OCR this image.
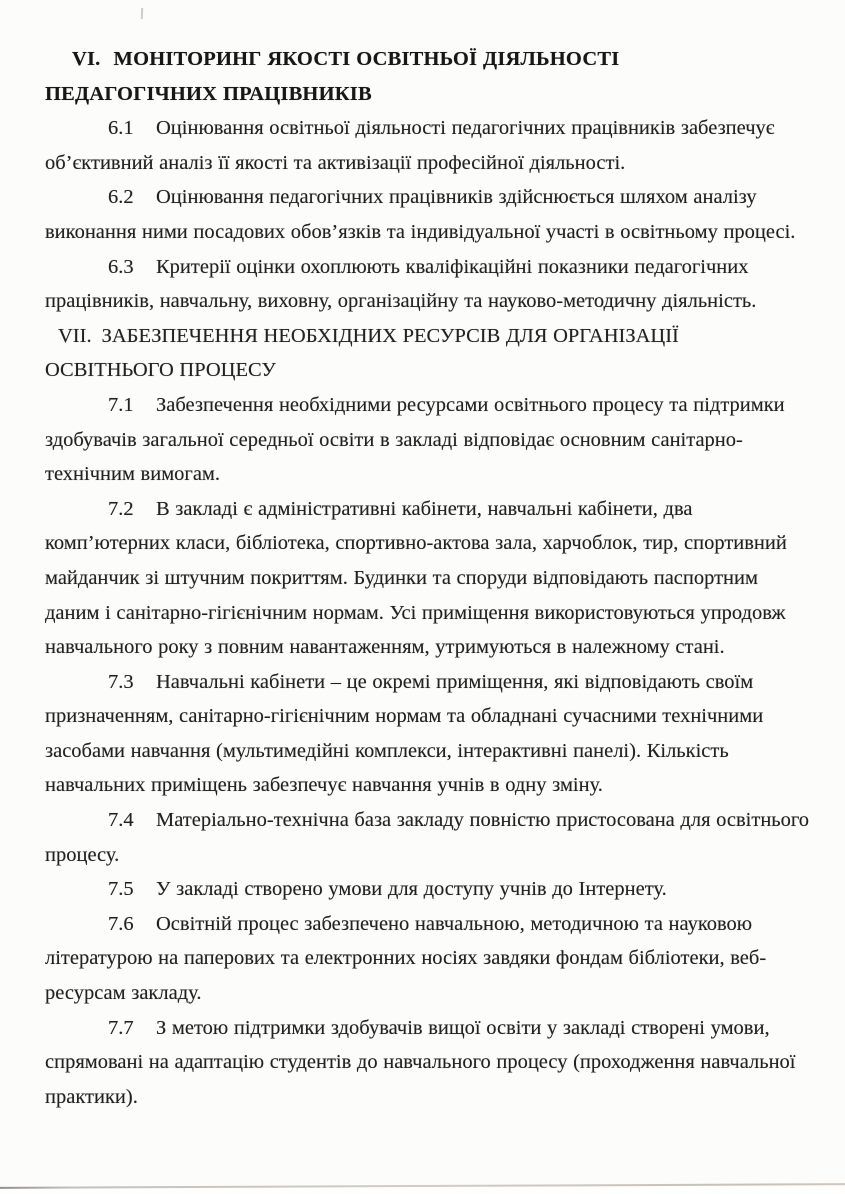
VI. МОНІТОРИНГ ЯКОСТІ ОСВІТНЬОЇ ДІЯЛЬНОСТІ ПЕДАГОГІЧНИХ ПРАЦІВНИКІВ

6.1 Оцінювання освітньої діяльності педагогічних працівників забезпечує об’єктивний аналіз її якості та активізації професійної діяльності.

6.2 Оцінювання педагогічних працівників здійснюється шляхом аналізу виконання ними посадових обов’язків та індивідуальної участі в освітньому процесі.

6.3 Критерії оцінки охоплюють кваліфікаційні показники педагогічних працівників, навчальну, виховну, організаційну та науково-методичну діяльність.

VII. ЗАБЕЗПЕЧЕННЯ НЕОБХІДНИХ РЕСУРСІВ ДЛЯ ОРГАНІЗАЦІЇ ОСВІТНЬОГО ПРОЦЕСУ

7.1 Забезпечення необхідними ресурсами освітнього процесу та підтримки здобувачів загальної середньої освіти в закладі відповідає основним санітарно-технічним вимогам.

7.2 В закладі є адміністративні кабінети, навчальні кабінети, два комп’ютерних класи, бібліотека, спортивно-актова зала, харчоблок, тир, спортивний майданчик зі штучним покриттям. Будинки та споруди відповідають паспортним даним і санітарно-гігієнічним нормам. Усі приміщення використовуються упродовж навчального року з повним навантаженням, утримуються в належному стані.

7.3 Навчальні кабінети – це окремі приміщення, які відповідають своїм призначенням, санітарно-гігієнічним нормам та обладнані сучасними технічними засобами навчання (мультимедійні комплекси, інтерактивні панелі). Кількість навчальних приміщень забезпечує навчання учнів в одну зміну.

7.4 Матеріально-технічна база закладу повністю пристосована для освітнього процесу.

7.5 У закладі створено умови для доступу учнів до Інтернету.

7.6 Освітній процес забезпечено навчальною, методичною та науковою літературою на паперових та електронних носіях завдяки фондам бібліотеки, веб-ресурсам закладу.

7.7 З метою підтримки здобувачів вищої освіти у закладі створені умови, спрямовані на адаптацію студентів до навчального процесу (проходження навчальної практики).
